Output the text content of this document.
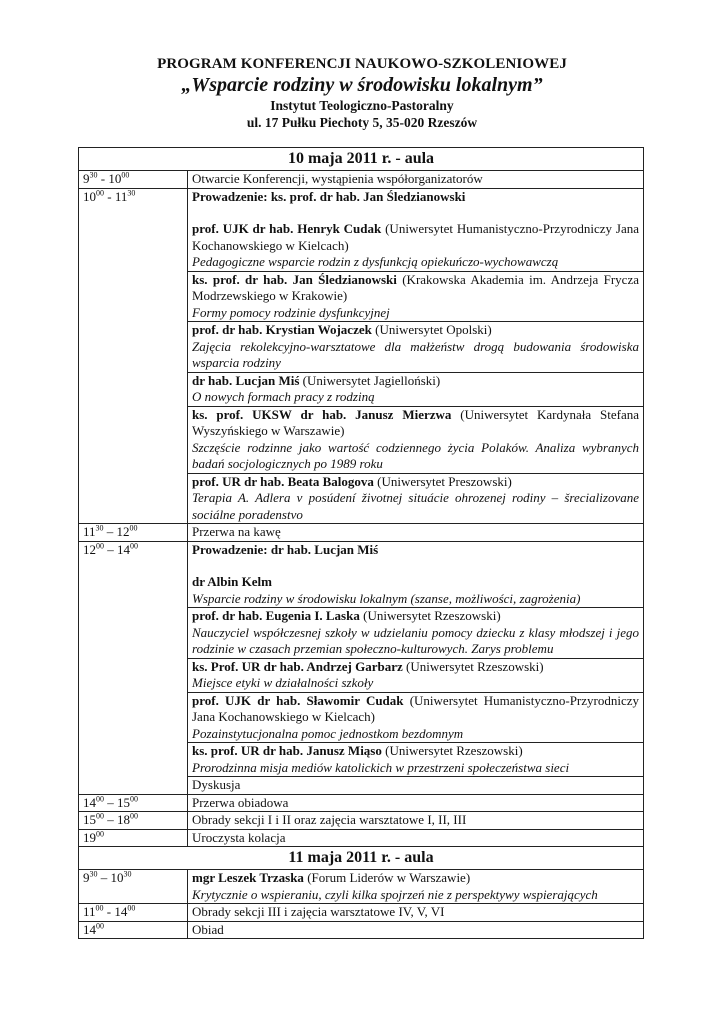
PROGRAM KONFERENCJI NAUKOWO-SZKOLENIOWEJ
„Wsparcie rodziny w środowisku lokalnym”
Instytut Teologiczno-Pastoralny
ul. 17 Pułku Piechoty 5, 35-020 Rzeszów
10 maja 2011 r. - aula	
$9^{30} - 10^{00}$	Otwarcie Konferencji, wystąpienia współorganizatorów
$10^{00} - 11^{30}$	Prowadzenie: ks. prof. dr hab. Jan Śledzianowski
prof. UJK dr hab. Henryk Cudak (Uniwersytet Humanistyczno-Przyrodniczy Jana Kochanowskiego w Kielcach)
Pedagogiczne wsparcie rodzin z dysfunkcją opiekuńczo-wychowawczą

	ks. prof. dr hab. Jan Śledzianowski (Krakowska Akademia im. Andrzeja Frycza Modrzewskiego w Krakowie)
Formy pomocy rodzinie dysfunkcyjnej

	prof. dr hab. Krystian Wojaczek (Uniwersytet Opolski)
Zajęcia rekolekcyjno-warsztatowe dla małżeństw drogą budowania środowiska wsparcia rodziny

	dr hab. Lucjan Miś (Uniwersytet Jagielloński)
O nowych formach pracy z rodziną

	ks. prof. UKSW dr hab. Janusz Mierzwa (Uniwersytet Kardynała Stefana Wyszyńskiego w Warszawie)
Szczęście rodzinne jako wartość codziennego życia Polaków. Analiza wybranych badań socjologicznych po 1989 roku

	prof. UR dr hab. Beata Balogova (Uniwersytet Preszowski)
Terapia A. Adlera v posúdení životnej situácie ohrozenej rodiny – šrecializovane sociálne poradenstvo

$11^{30} - 12^{00}$	Przerwa na kawę
$12^{00} - 14^{00}$	Prowadzenie: dr hab. Lucjan Miś
dr Albin Kelm
Wsparcie rodziny w środowisku lokalnym (szanse, możliwości, zagrożenia)

	prof. dr hab. Eugenia I. Laska (Uniwersytet Rzeszowski)
Nauczyciel współczesnej szkoły w udzielaniu pomocy dziecku z klasy młodszej i jego rodzinie w czasach przemian społeczno-kulturowych. Zarys problemu

	ks. Prof. UR dr hab. Andrzej Garbarz (Uniwersytet Rzeszowski)
Miejsce etyki w działalności szkoły

	prof. UJK dr hab. Sławomir Cudak (Uniwersytet Humanistyczno-Przyrodniczy Jana Kochanowskiego w Kielcach)
Pozainstytucjonalna pomoc jednostkom bezdomnym

	ks. prof. UR dr hab. Janusz Miąso (Uniwersytet Rzeszowski)
Prorodzinna misja mediów katolickich w przestrzeni społeczeństwa sieci

	Dyskusja
$14^{00} - 15^{00}$	Przerwa obiadowa
$15^{00} - 18^{00}$	Obrady sekcji I i II oraz zajęcia warsztatowe I, II, III
$19^{00}$	Uroczysta kolacja
11 maja 2011 r. - aula	
$9^{30} - 10^{30}$	mgr Leszek Trzaska (Forum Liderów w Warszawie)
Krytycznie o wspieraniu, czyli kilka spojrzeń nie z perspektywy wspierających

$11^{00} - 14^{00}$	Obrady sekcji III i zajęcia warsztatowe IV, V, VI
$14^{00}$	Obiad
